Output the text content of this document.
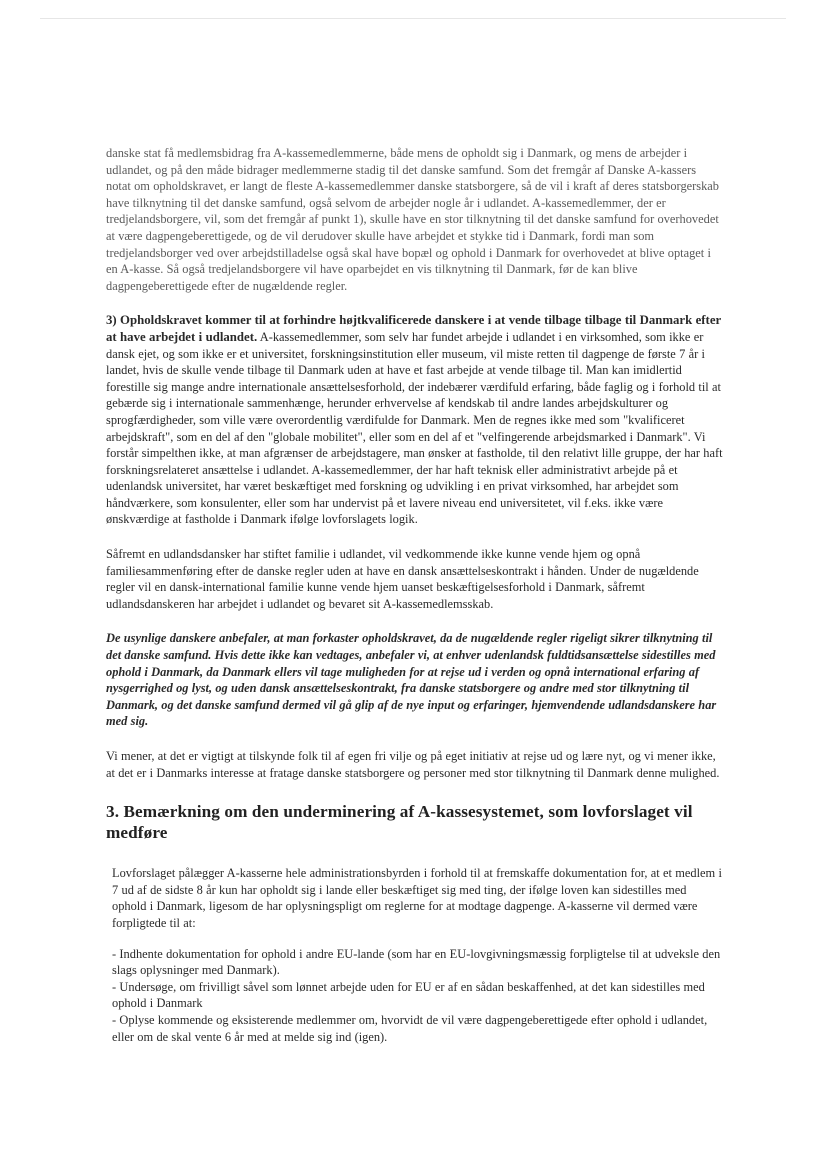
danske stat få medlemsbidrag fra A-kassemedlemmerne, både mens de opholdt sig i Danmark, og mens de arbejder i udlandet, og på den måde bidrager medlemmerne stadig til det danske samfund. Som det fremgår af Danske A-kassers notat om opholdskravet, er langt de fleste A-kassemedlemmer danske statsborgere, så de vil i kraft af deres statsborgerskab have tilknytning til det danske samfund, også selvom de arbejder nogle år i udlandet. A-kassemedlemmer, der er tredjelandsborgere, vil, som det fremgår af punkt 1), skulle have en stor tilknytning til det danske samfund for overhovedet at være dagpengeberettigede, og de vil derudover skulle have arbejdet et stykke tid i Danmark, fordi man som tredjelandsborger ved over arbejdstilladelse også skal have bopæl og ophold i Danmark for overhovedet at blive optaget i en A-kasse. Så også tredjelandsborgere vil have oparbejdet en vis tilknytning til Danmark, før de kan blive dagpengeberettigede efter de nugældende regler.

3) Opholdskravet kommer til at forhindre højtkvalificerede danskere i at vende tilbage tilbage til Danmark efter at have arbejdet i udlandet. A-kassemedlemmer, som selv har fundet arbejde i udlandet i en virksomhed, som ikke er dansk ejet, og som ikke er et universitet, forskningsinstitution eller museum, vil miste retten til dagpenge de første 7 år i landet, hvis de skulle vende tilbage til Danmark uden at have et fast arbejde at vende tilbage til. Man kan imidlertid forestille sig mange andre internationale ansættelsesforhold, der indebærer værdifuld erfaring, både faglig og i forhold til at gebærde sig i internationale sammenhænge, herunder erhvervelse af kendskab til andre landes arbejdskulturer og sprogfærdigheder, som ville være overordentlig værdifulde for Danmark. Men de regnes ikke med som "kvalificeret arbejdskraft", som en del af den "globale mobilitet", eller som en del af et "velfingerende arbejdsmarked i Danmark". Vi forstår simpelthen ikke, at man afgrænser de arbejdstagere, man ønsker at fastholde, til den relativt lille gruppe, der har haft forskningsrelateret ansættelse i udlandet. A-kassemedlemmer, der har haft teknisk eller administrativt arbejde på et udenlandsk universitet, har været beskæftiget med forskning og udvikling i en privat virksomhed, har arbejdet som håndværkere, som konsulenter, eller som har undervist på et lavere niveau end universitetet, vil f.eks. ikke være ønskværdige at fastholde i Danmark ifølge lovforslagets logik.

Såfremt en udlandsdansker har stiftet familie i udlandet, vil vedkommende ikke kunne vende hjem og opnå familiesammenføring efter de danske regler uden at have en dansk ansættelseskontrakt i hånden. Under de nugældende regler vil en dansk-international familie kunne vende hjem uanset beskæftigelsesforhold i Danmark, såfremt udlandsdanskeren har arbejdet i udlandet og bevaret sit A-kassemedlemsskab.

De usynlige danskere anbefaler, at man forkaster opholdskravet, da de nugældende regler rigeligt sikrer tilknytning til det danske samfund. Hvis dette ikke kan vedtages, anbefaler vi, at enhver udenlandsk fuldtidsansættelse sidestilles med ophold i Danmark, da Danmark ellers vil tage muligheden for at rejse ud i verden og opnå international erfaring af nysgerrighed og lyst, og uden dansk ansættelseskontrakt, fra danske statsborgere og andre med stor tilknytning til Danmark, og det danske samfund dermed vil gå glip af de nye input og erfaringer, hjemvendende udlandsdanskere har med sig.

Vi mener, at det er vigtigt at tilskynde folk til af egen fri vilje og på eget initiativ at rejse ud og lære nyt, og vi mener ikke, at det er i Danmarks interesse at fratage danske statsborgere og personer med stor tilknytning til Danmark denne mulighed.

3. Bemærkning om den underminering af A-kassesystemet, som lovforslaget vil medføre

Lovforslaget pålægger A-kasserne hele administrationsbyrden i forhold til at fremskaffe dokumentation for, at et medlem i 7 ud af de sidste 8 år kun har opholdt sig i lande eller beskæftiget sig med ting, der ifølge loven kan sidestilles med ophold i Danmark, ligesom de har oplysningspligt om reglerne for at modtage dagpenge. A-kasserne vil dermed være forpligtede til at:

- Indhente dokumentation for ophold i andre EU-lande (som har en EU-lovgivningsmæssig forpligtelse til at udveksle den slags oplysninger med Danmark).

- Undersøge, om frivilligt såvel som lønnet arbejde uden for EU er af en sådan beskaffenhed, at det kan sidestilles med ophold i Danmark

- Oplyse kommende og eksisterende medlemmer om, hvorvidt de vil være dagpengeberettigede efter ophold i udlandet, eller om de skal vente 6 år med at melde sig ind (igen).
